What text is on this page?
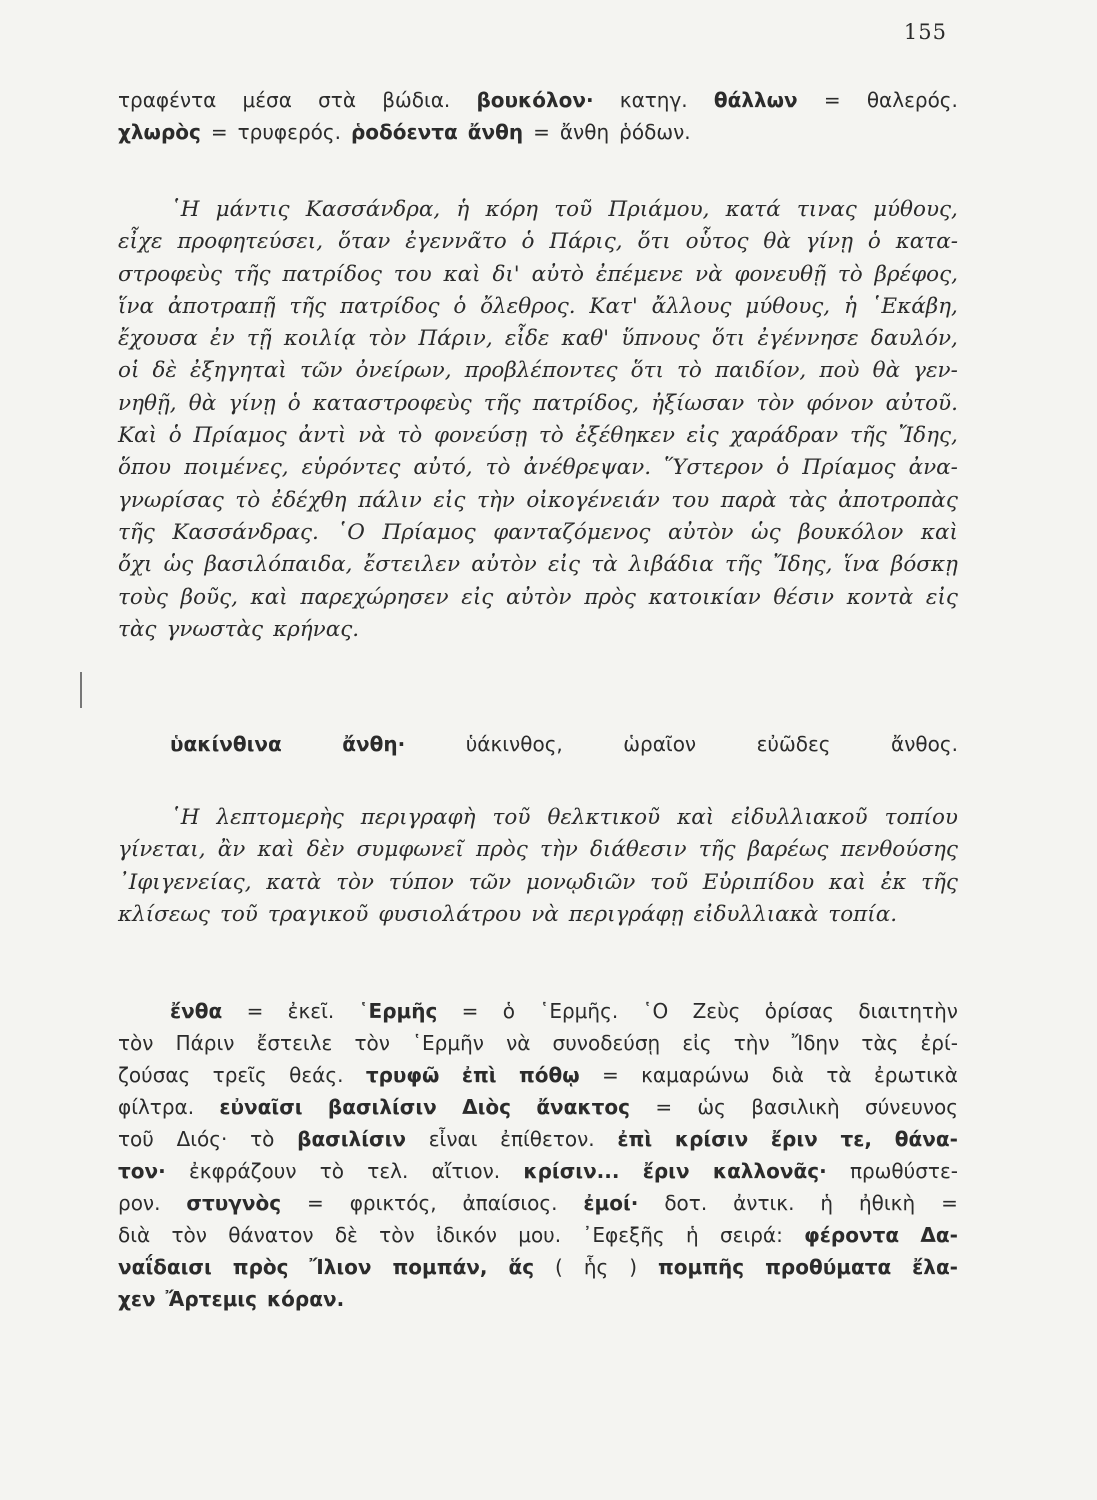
155
τραφέντα μέσα στὰ βώδια. βουκόλον· κατηγ. θάλλων = θαλερός.
χλωρὸς = τρυφερός. ῥοδόεντα ἄνθη = ἄνθη ῥόδων.
῾Η μάντις Κασσάνδρα, ἡ κόρη τοῦ Πριάμου, κατά τινας μύθους,
εἶχε προφητεύσει, ὅταν ἐγεννᾶτο ὁ Πάρις, ὅτι οὗτος θὰ γίνῃ ὁ κατα-
στροφεὺς τῆς πατρίδος του καὶ δι' αὐτὸ ἐπέμενε νὰ φονευθῇ τὸ βρέφος,
ἵνα ἀποτραπῇ τῆς πατρίδος ὁ ὄλεθρος. Κατ' ἄλλους μύθους, ἡ ῾Εκάβη,
ἔχουσα ἐν τῇ κοιλίᾳ τὸν Πάριν, εἶδε καθ' ὕπνους ὅτι ἐγέννησε δαυλόν,
οἱ δὲ ἐξηγηταὶ τῶν ὀνείρων, προβλέποντες ὅτι τὸ παιδίον, ποὺ θὰ γεν-
νηθῇ, θὰ γίνῃ ὁ καταστροφεὺς τῆς πατρίδος, ἠξίωσαν τὸν φόνον αὐτοῦ.
Καὶ ὁ Πρίαμος ἀντὶ νὰ τὸ φονεύσῃ τὸ ἐξέθηκεν εἰς χαράδραν τῆς Ἴδης,
ὅπου ποιμένες, εὑρόντες αὐτό, τὸ ἀνέθρεψαν. Ὕστερον ὁ Πρίαμος ἀνα-
γνωρίσας τὸ ἐδέχθη πάλιν εἰς τὴν οἰκογένειάν του παρὰ τὰς ἀποτροπὰς
τῆς Κασσάνδρας. ῾Ο Πρίαμος φανταζόμενος αὐτὸν ὡς βουκόλον καὶ
ὄχι ὡς βασιλόπαιδα, ἔστειλεν αὐτὸν εἰς τὰ λιβάδια τῆς Ἴδης, ἵνα βόσκῃ
τοὺς βοῦς, καὶ παρεχώρησεν εἰς αὐτὸν πρὸς κατοικίαν θέσιν κοντὰ εἰς
τὰς γνωστὰς κρήνας.
ὑακίνθινα	ἄνθη·	ὑάκινθος,	ὡραῖον	εὐῶδες	ἄνθος.
῾Η λεπτομερὴς περιγραφὴ τοῦ θελκτικοῦ καὶ εἰδυλλιακοῦ τοπίου
γίνεται, ἂν καὶ δὲν συμφωνεῖ πρὸς τὴν διάθεσιν τῆς βαρέως πενθούσης
᾿Ιφιγενείας, κατὰ τὸν τύπον τῶν μονῳδιῶν τοῦ Εὐριπίδου καὶ ἐκ τῆς
κλίσεως τοῦ τραγικοῦ φυσιολάτρου νὰ περιγράφῃ εἰδυλλιακὰ τοπία.
ἔνθα = ἐκεῖ. ῾Ερμῆς = ὁ ῾Ερμῆς. ῾Ο Ζεὺς ὁρίσας διαιτητὴν
τὸν Πάριν ἔστειλε τὸν ῾Ερμῆν νὰ συνοδεύσῃ εἰς τὴν Ἴδην τὰς ἐρί-
ζούσας τρεῖς θεάς. τρυφῶ ἐπὶ πόθῳ = καμαρώνω διὰ τὰ ἐρωτικὰ
φίλτρα. εὐναῖσι βασιλίσιν Διὸς ἄνακτος = ὡς βασιλικὴ σύνευνος
τοῦ Διός· τὸ βασιλίσιν εἶναι ἐπίθετον. ἐπὶ κρίσιν ἔριν τε, θάνα-
τον· ἐκφράζουν τὸ τελ. αἴτιον. κρίσιν... ἔριν καλλονᾶς· πρωθύστε-
ρον. στυγνὸς = φρικτός, ἀπαίσιος. ἐμοί· δοτ. ἀντικ. ἡ ἠθικὴ =
διὰ τὸν θάνατον δὲ τὸν ἰδικόν μου. ᾿Εφεξῆς ἡ σειρά: φέροντα Δα-
ναΐδαισι πρὸς Ἴλιον πομπάν, ἅς ( ἧς ) πομπῆς προθύματα ἔλα-
χεν Ἄρτεμις κόραν.
